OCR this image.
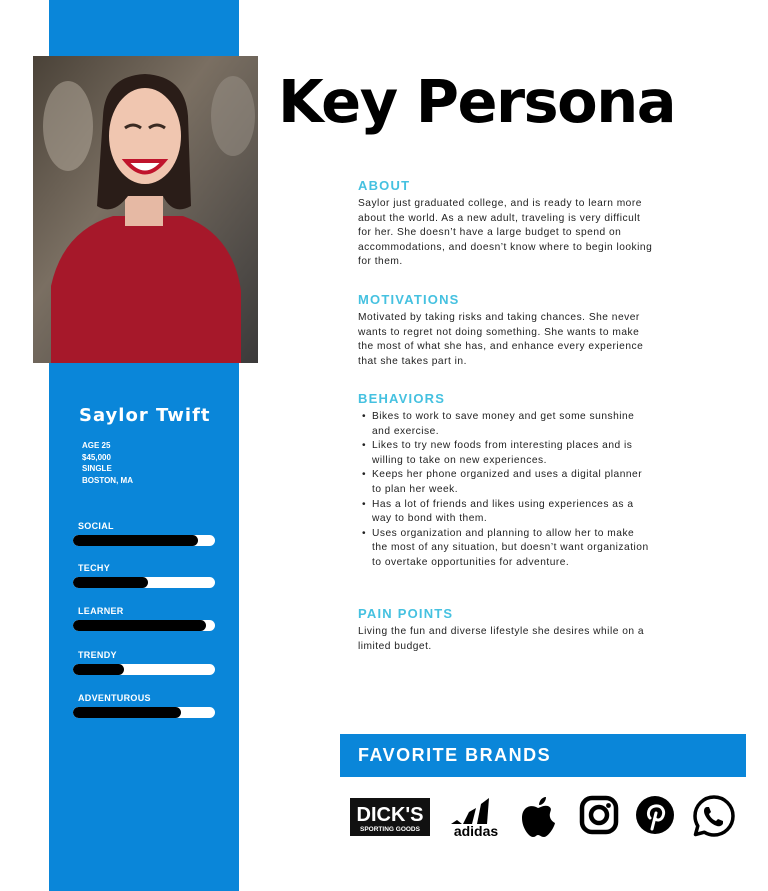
Key Persona
Saylor Twift
AGE 25
$45,000
SINGLE
BOSTON, MA
SOCIAL
TECHY
LEARNER
TRENDY
ADVENTUROUS
ABOUT

Saylor just graduated college, and is ready to learn more about the world. As a new adult, traveling is very difficult for her. She doesn’t have a large budget to spend on accommodations, and doesn’t know where to begin looking for them.

MOTIVATIONS

Motivated by taking risks and taking chances. She never wants to regret not doing something. She wants to make the most of what she has, and enhance every experience that she takes part in.

BEHAVIORS
• Bikes to work to save money and get some sunshine and exercise.
• Likes to try new foods from interesting places and is willing to take on new experiences.
• Keeps her phone organized and uses a digital planner to plan her week.
• Has a lot of friends and likes using experiences as a way to bond with them.
• Uses organization and planning to allow her to make the most of any situation, but doesn’t want organization to overtake opportunities for adventure.
PAIN POINTS

Living the fun and diverse lifestyle she desires while on a limited budget.

FAVORITE BRANDS
DICK'S
SPORTING GOODS adidas
